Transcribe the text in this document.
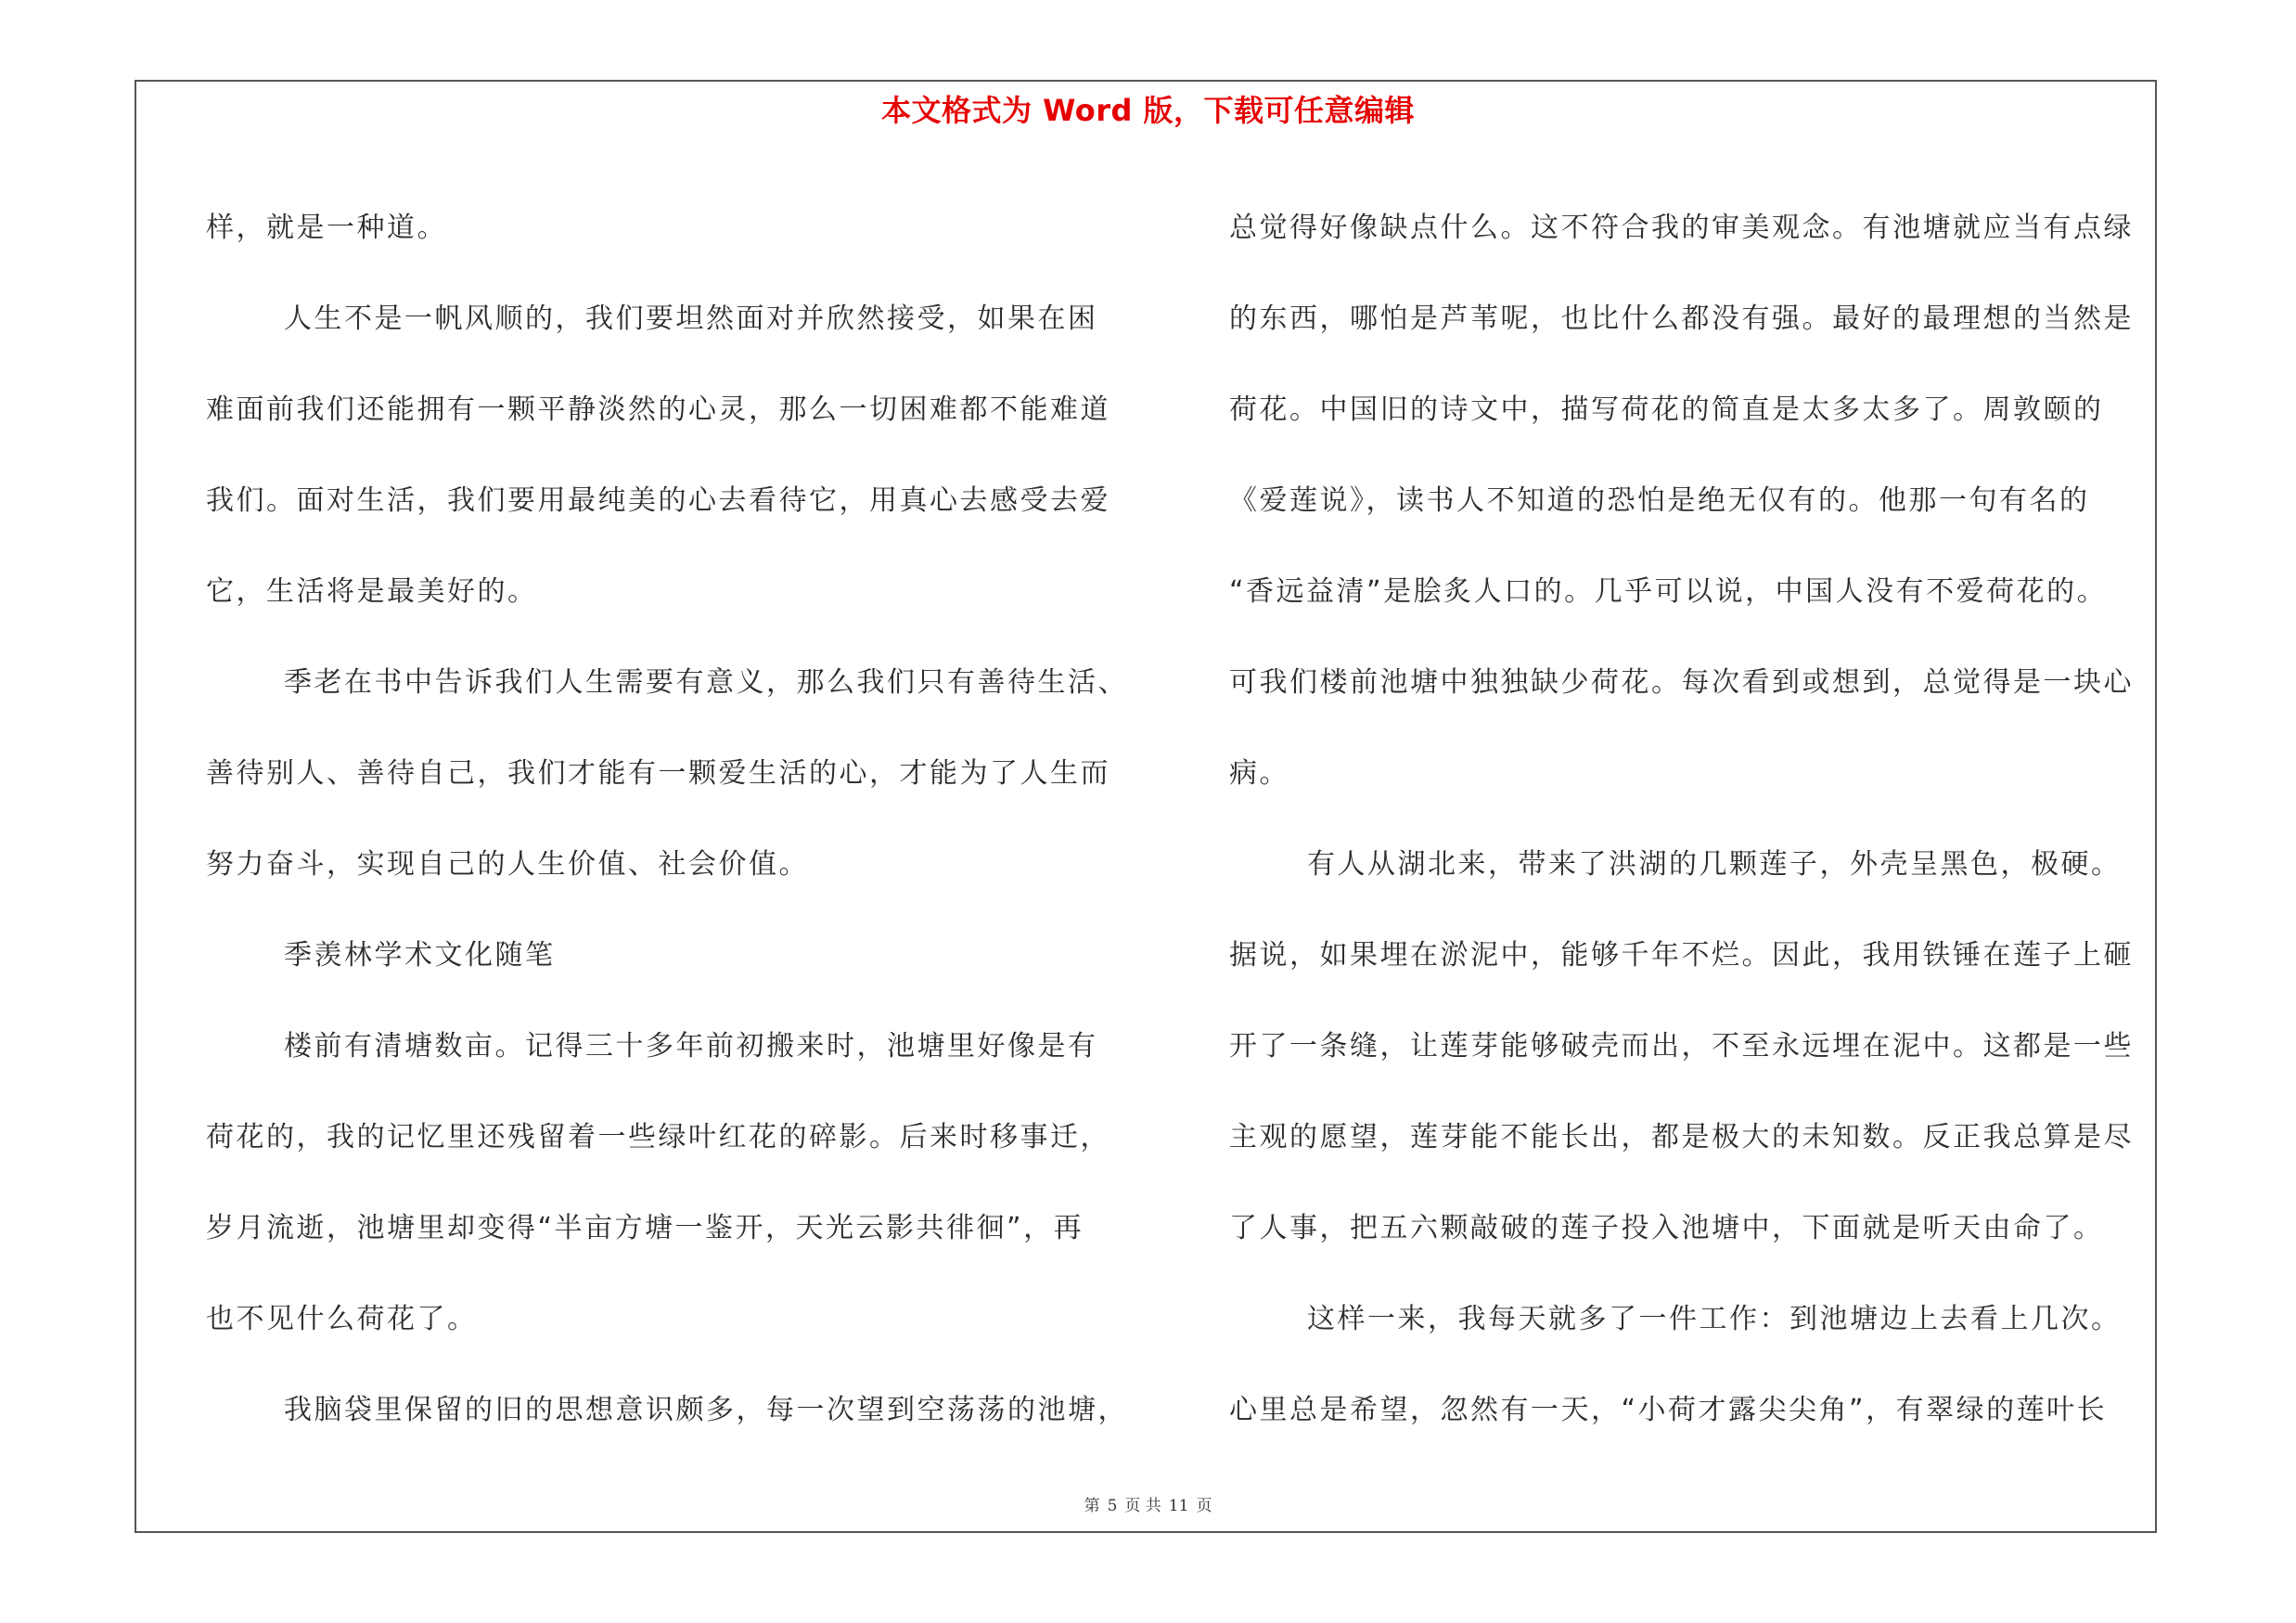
本文格式为 Word 版，下载可任意编辑
样，就是一种道。
人生不是一帆风顺的，我们要坦然面对并欣然接受，如果在困
难面前我们还能拥有一颗平静淡然的心灵，那么一切困难都不能难道
我们。面对生活，我们要用最纯美的心去看待它，用真心去感受去爱
它，生活将是最美好的。
季老在书中告诉我们人生需要有意义，那么我们只有善待生活、
善待别人、善待自己，我们才能有一颗爱生活的心，才能为了人生而
努力奋斗，实现自己的人生价值、社会价值。
季羡林学术文化随笔
楼前有清塘数亩。记得三十多年前初搬来时，池塘里好像是有
荷花的，我的记忆里还残留着一些绿叶红花的碎影。后来时移事迁，
岁月流逝，池塘里却变得“半亩方塘一鉴开，天光云影共徘徊”，再
也不见什么荷花了。
我脑袋里保留的旧的思想意识颇多，每一次望到空荡荡的池塘，
总觉得好像缺点什么。这不符合我的审美观念。有池塘就应当有点绿
的东西，哪怕是芦苇呢，也比什么都没有强。最好的最理想的当然是
荷花。中国旧的诗文中，描写荷花的简直是太多太多了。周敦颐的
《爱莲说》，读书人不知道的恐怕是绝无仅有的。他那一句有名的
“香远益清”是脍炙人口的。几乎可以说，中国人没有不爱荷花的。
可我们楼前池塘中独独缺少荷花。每次看到或想到，总觉得是一块心
病。
有人从湖北来，带来了洪湖的几颗莲子，外壳呈黑色，极硬。
据说，如果埋在淤泥中，能够千年不烂。因此，我用铁锤在莲子上砸
开了一条缝，让莲芽能够破壳而出，不至永远埋在泥中。这都是一些
主观的愿望，莲芽能不能长出，都是极大的未知数。反正我总算是尽
了人事，把五六颗敲破的莲子投入池塘中，下面就是听天由命了。
这样一来，我每天就多了一件工作：到池塘边上去看上几次。
心里总是希望，忽然有一天，“小荷才露尖尖角”，有翠绿的莲叶长
第 5 页 共 11 页
